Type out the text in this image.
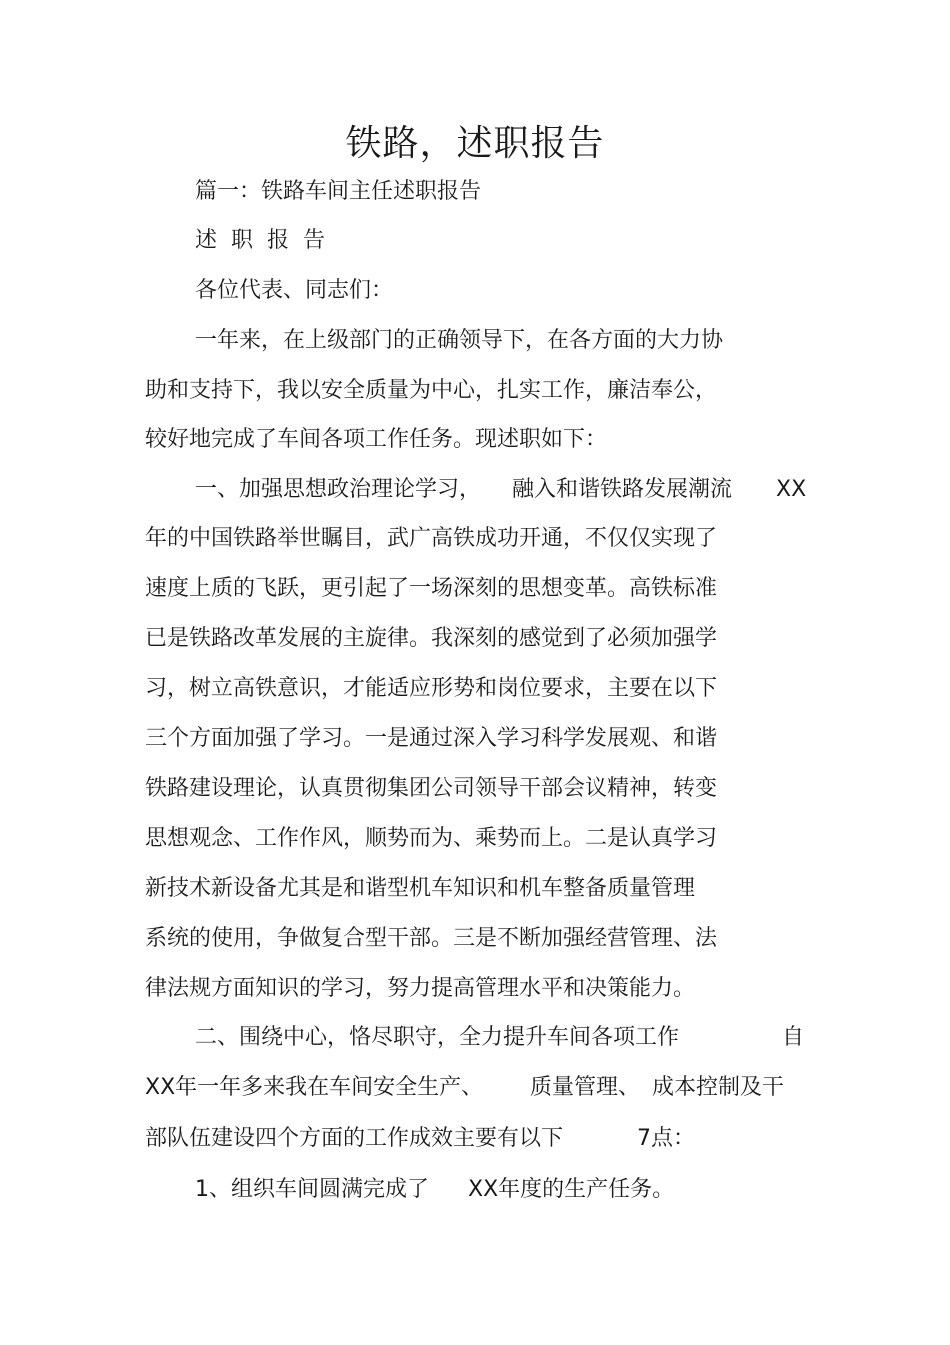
铁路，述职报告
篇一：铁路车间主任述职报告
述  职  报  告
各位代表、同志们：
一年来，在上级部门的正确领导下，在各方面的大力协
助和支持下，我以安全质量为中心，扎实工作，廉洁奉公，
较好地完成了车间各项工作任务。现述职如下：
一、加强思想政治理论学习， 融入和谐铁路发展潮流 XX
年的中国铁路举世瞩目，武广高铁成功开通，不仅仅实现了
速度上质的飞跃，更引起了一场深刻的思想变革。高铁标准
已是铁路改革发展的主旋律。我深刻的感觉到了必须加强学
习，树立高铁意识，才能适应形势和岗位要求，主要在以下
三个方面加强了学习。一是通过深入学习科学发展观、和谐
铁路建设理论，认真贯彻集团公司领导干部会议精神，转变
思想观念、工作作风，顺势而为、乘势而上。二是认真学习
新技术新设备尤其是和谐型机车知识和机车整备质量管理
系统的使用，争做复合型干部。三是不断加强经营管理、法
律法规方面知识的学习，努力提高管理水平和决策能力。
二、围绕中心，恪尽职守，全力提升车间各项工作	自
XX年一年多来我在车间安全生产、 质量管理、 成本控制及干
部队伍建设四个方面的工作成效主要有以下	7点：
1、组织车间圆满完成了 XX年度的生产任务。
